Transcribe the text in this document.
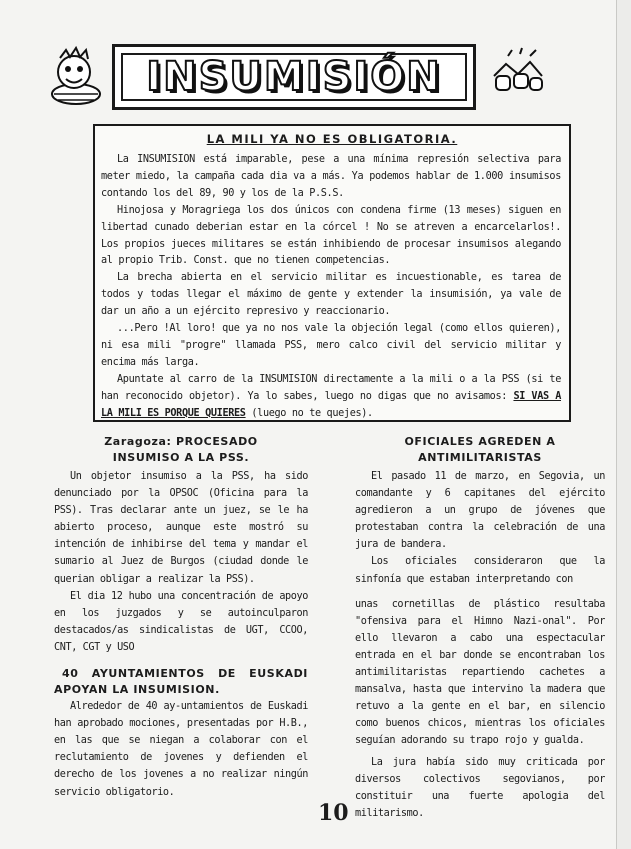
INSUMISIÓN
LA MILI YA NO ES OBLIGATORIA.

La INSUMISION está imparable, pese a una mínima represión selectiva para meter miedo, la campaña cada dia va a más. Ya podemos hablar de 1.000 insumisos contando los del 89, 90 y los de la P.S.S.

Hinojosa y Moragriega los dos únicos con condena firme (13 meses) siguen en libertad cunado deberian estar en la córcel ! No se atreven a encarcelarlos!. Los propios jueces militares se están inhibiendo de procesar insumisos alegando al propio Trib. Const. que no tienen competencias.

La brecha abierta en el servicio militar es incuestionable, es tarea de todos y todas llegar el máximo de gente y extender la insumisión, ya vale de dar un año a un ejército represivo y reaccionario.

...Pero !Al loro! que ya no nos vale la objeción legal (como ellos quieren), ni esa mili "progre" llamada PSS, mero calco civil del servicio militar y encima más larga.

Apuntate al carro de la INSUMISION directamente a la mili o a la PSS (si te han reconocido objetor). Ya lo sabes, luego no digas que no avisamos: SI VAS A LA MILI ES PORQUE QUIERES (luego no te quejes).

Zaragoza: PROCESADO INSUMISO A LA PSS.

Un objetor insumiso a la PSS, ha sido denunciado por la OPSOC (Oficina para la PSS). Tras declarar ante un juez, se le ha abierto proceso, aunque este mostró su intención de inhibirse del tema y mandar el sumario al Juez de Burgos (ciudad donde le querian obligar a realizar la PSS).

El dia 12 hubo una concentración de apoyo en los juzgados y se autoinculparon destacados/as sindicalistas de UGT, CCOO, CNT, CGT y USO

40 AYUNTAMIENTOS DE EUSKADI APOYAN LA INSUMISION.

Alrededor de 40 ay-untamientos de Euskadi han aprobado mociones, presentadas por H.B., en las que se niegan a colaborar con el reclutamiento de jovenes y defienden el derecho de los jovenes a no realizar ningún servicio obligatorio.

OFICIALES AGREDEN A ANTIMILITARISTAS

El pasado 11 de marzo, en Segovia, un comandante y 6 capitanes del ejército agredieron a un grupo de jóvenes que protestaban contra la celebración de una jura de bandera.

Los oficiales consideraron que la sinfonía que estaban interpretando con

unas cornetillas de plástico resultaba "ofensiva para el Himno Nazi-onal". Por ello llevaron a cabo una espectacular entrada en el bar donde se encontraban los antimilitaristas repartiendo cachetes a mansalva, hasta que intervino la madera que retuvo a la gente en el bar, en silencio como buenos chicos, mientras los oficiales seguían adorando su trapo rojo y gualda.

La jura había sido muy criticada por diversos colectivos segovianos, por constituir una fuerte apologia del militarismo.

10
